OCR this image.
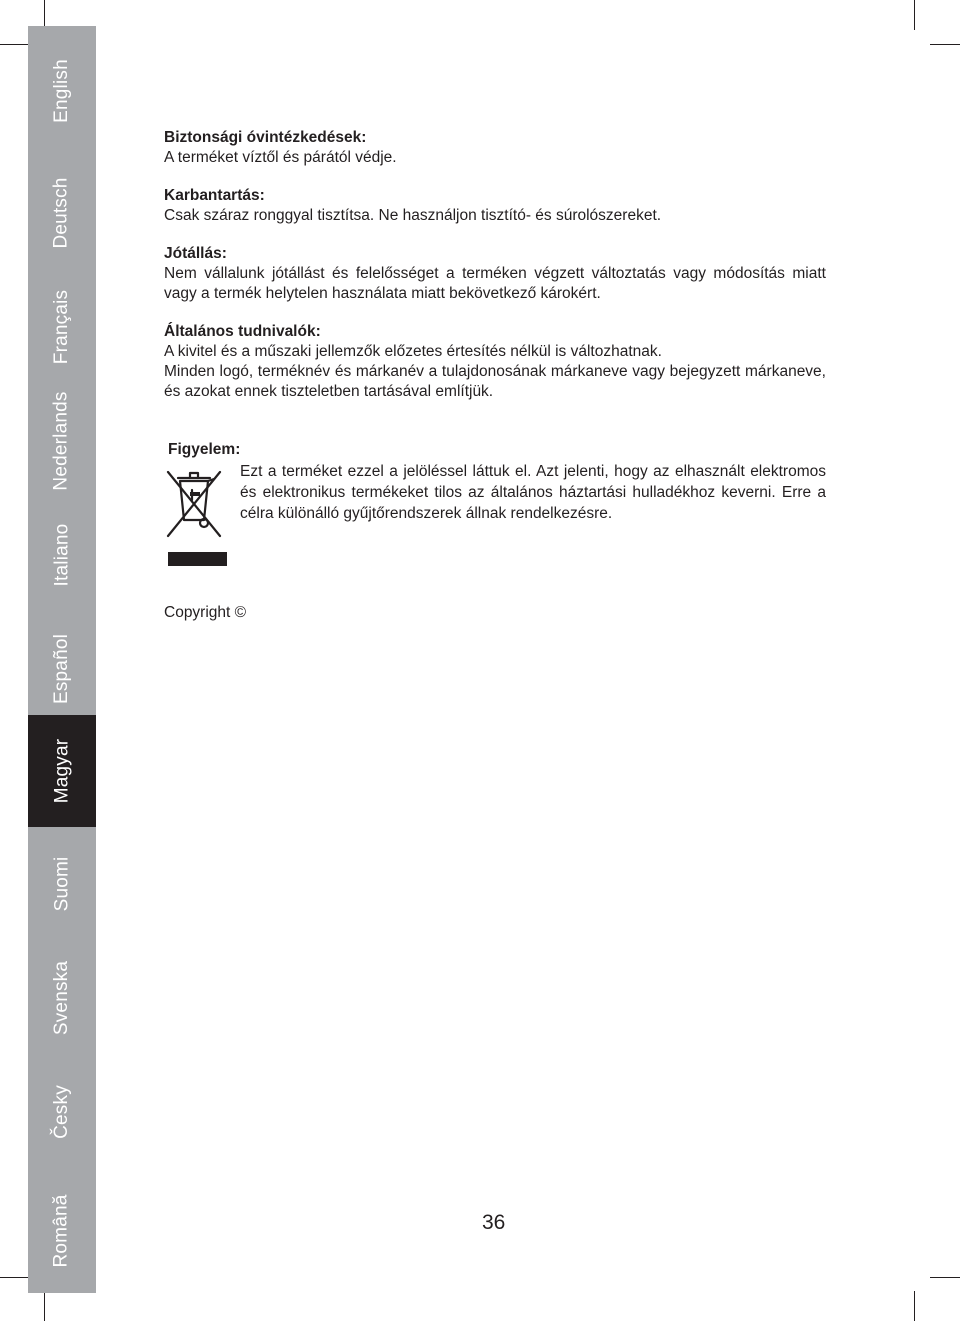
English
Deutsch
Français
Nederlands
Italiano
Español
Magyar
Suomi
Svenska
Česky
Română
Biztonsági óvintézkedések:
A terméket víztől és párától védje.
Karbantartás:
Csak száraz ronggyal tisztítsa. Ne használjon tisztító- és súrolószereket.
Jótállás:
Nem vállalunk jótállást és felelősséget a terméken végzett változtatás vagy módosítás miatt vagy a termék helytelen használata miatt bekövetkező károkért.
Általános tudnivalók:
A kivitel és a műszaki jellemzők előzetes értesítés nélkül is változhatnak.
Minden logó, terméknév és márkanév a tulajdonosának márkaneve vagy bejegyzett márkaneve, és azokat ennek tiszteletben tartásával említjük.
Figyelem:
Ezt a terméket ezzel a jelöléssel láttuk el. Azt jelenti, hogy az elhasznált elektromos és elektronikus termékeket tilos az általános háztartási hulladékhoz keverni. Erre a célra különálló gyűjtőrendszerek állnak rendelkezésre.
Copyright ©
36
